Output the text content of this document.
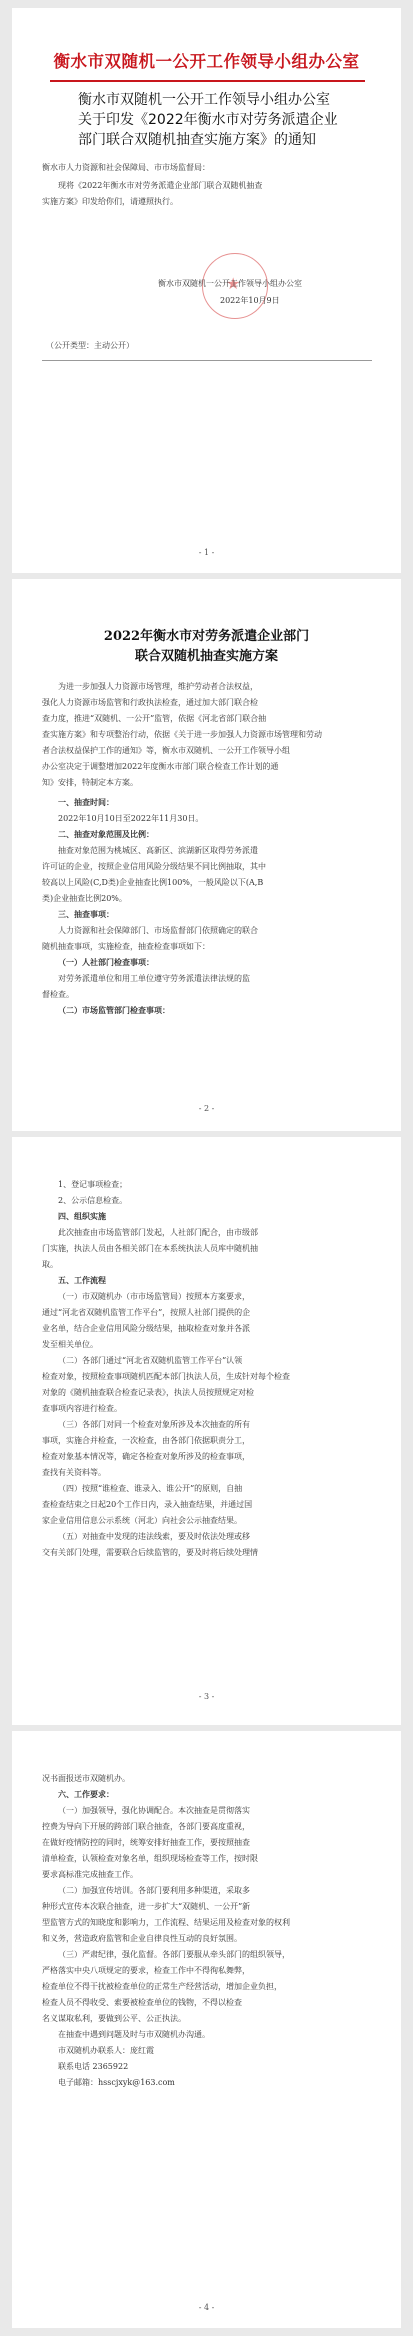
衡水市双随机一公开工作领导小组办公室
衡水市双随机一公开工作领导小组办公室关于印发《2022年衡水市对劳务派遣企业部门联合双随机抽查实施方案》的通知
衡水市人力资源和社会保障局、市市场监督局：
现将《2022年衡水市对劳务派遣企业部门联合双随机抽查
实施方案》印发给你们，请遵照执行。
★
衡水市双随机一公开工作领导小组办公室
2022年10月9日
（公开类型：主动公开）
- 1 -
2022年衡水市对劳务派遣企业部门
联合双随机抽查实施方案
为进一步加强人力资源市场管理，维护劳动者合法权益，
强化人力资源市场监管和行政执法检查，通过加大部门联合检
查力度，推进“双随机、一公开”监管，依据《河北省部门联合抽
查实施方案》和专项整治行动，依据《关于进一步加强人力资源市场管理和劳动
者合法权益保护工作的通知》等，衡水市双随机、一公开工作领导小组
办公室决定于调整增加2022年度衡水市部门联合检查工作计划的通
知》安排，特制定本方案。
一、抽查时间：
2022年10月10日至2022年11月30日。
二、抽查对象范围及比例：
抽查对象范围为桃城区、高新区、滨湖新区取得劳务派遣
许可证的企业，按照企业信用风险分级结果不同比例抽取，其中
较高以上风险(C,D类)企业抽查比例100%，一般风险以下(A,B
类)企业抽查比例20%。
三、抽查事项：
人力资源和社会保障部门、市场监督部门依照确定的联合
随机抽查事项，实施检查，抽查检查事项如下：
（一）人社部门检查事项：
对劳务派遣单位和用工单位遵守劳务派遣法律法规的监
督检查。
（二）市场监管部门检查事项：
- 2 -
1、登记事项检查；
2、公示信息检查。
四、组织实施
此次抽查由市场监管部门发起，人社部门配合，由市级部
门实施，执法人员由各相关部门在本系统执法人员库中随机抽
取。
五、工作流程
（一）市双随机办（市市场监管局）按照本方案要求，
通过“河北省双随机监管工作平台”，按照人社部门提供的企
业名单，结合企业信用风险分级结果，抽取检查对象并各派
发至相关单位。
（二）各部门通过“河北省双随机监管工作平台”认领
检查对象，按照检查事项随机匹配本部门执法人员，生成针对每个检查
对象的《随机抽查联合检查记录表》，执法人员按照规定对检
查事项内容进行检查。
（三）各部门对同一个检查对象所涉及本次抽查的所有
事项，实施合并检查，一次检查，由各部门依据职责分工，
检查对象基本情况等，确定各检查对象所涉及的检查事项，
查找有关资料等。
（四）按照“谁检查、谁录入、谁公开”的原则，自抽
查检查结束之日起20个工作日内，录入抽查结果，并通过国
家企业信用信息公示系统（河北）向社会公示抽查结果。
（五）对抽查中发现的违法线索，要及时依法处理或移
交有关部门处理，需要联合后续监管的，要及时将后续处理情
- 3 -
况书面报送市双随机办。
六、工作要求：
（一）加强领导，强化协调配合。本次抽查是贯彻落实
控费为导向下开展的跨部门联合抽查，各部门要高度重视，
在做好疫情防控的同时，统筹安排好抽查工作，要按照抽查
清单检查，认领检查对象名单，组织现场检查等工作，按时限
要求高标准完成抽查工作。
（二）加强宣传培训。各部门要利用多种渠道，采取多
种形式宣传本次联合抽查，进一步扩大“双随机、一公开”新
型监管方式的知晓度和影响力，工作流程、结果运用及检查对象的权利
和义务，营造政府监管和企业自律良性互动的良好氛围。
（三）严肃纪律，强化监督。各部门要服从牵头部门的组织领导，
严格落实中央八项规定的要求，检查工作中不得徇私舞弊，
检查单位不得干扰被检查单位的正常生产经营活动，增加企业负担，
检查人员不得收受、索要被检查单位的钱物，不得以检查
名义谋取私利，要做到公平、公正执法。
在抽查中遇到问题及时与市双随机办沟通。
市双随机办联系人：庞红霞
联系电话 2365922
电子邮箱：hsscjxyk@163.com
- 4 -
